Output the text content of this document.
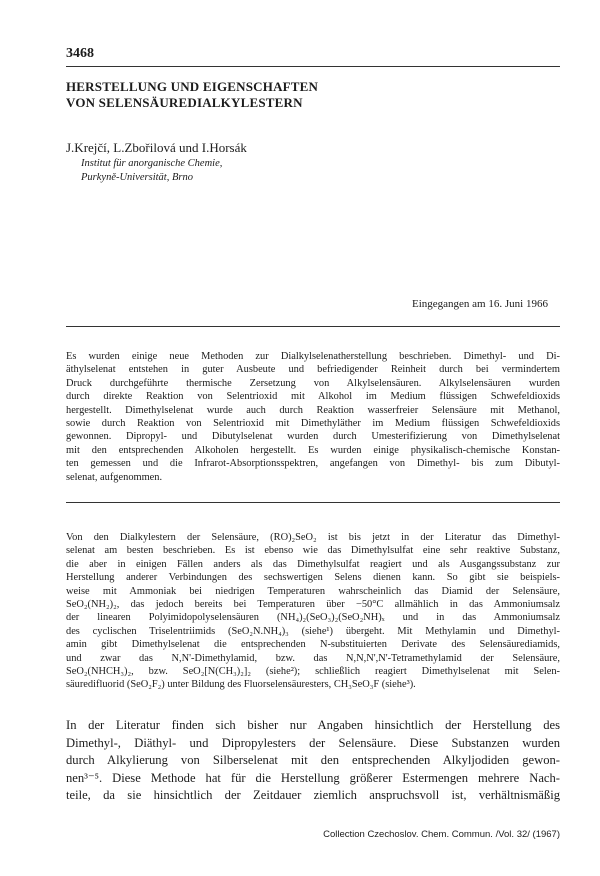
3468
HERSTELLUNG UND EIGENSCHAFTEN
VON SELENSÄUREDIALKYLESTERN
J.Krejčí, L.Zbořilová und I.Horsák
Institut für anorganische Chemie,
Purkyně-Universität, Brno
Eingegangen am 16. Juni 1966
Es wurden einige neue Methoden zur Dialkylselenatherstellung beschrieben. Dimethyl- und Di-
äthylselenat entstehen in guter Ausbeute und befriedigender Reinheit durch bei vermindertem
Druck durchgeführte thermische Zersetzung von Alkylselensäuren. Alkylselensäuren wurden
durch direkte Reaktion von Selentrioxid mit Alkohol im Medium flüssigen Schwefeldioxids
hergestellt. Dimethylselenat wurde auch durch Reaktion wasserfreier Selensäure mit Methanol,
sowie durch Reaktion von Selentrioxid mit Dimethyläther im Medium flüssigen Schwefeldioxids
gewonnen. Dipropyl- und Dibutylselenat wurden durch Umesterifizierung von Dimethylselenat
mit den entsprechenden Alkoholen hergestellt. Es wurden einige physikalisch-chemische Konstan-
ten gemessen und die Infrarot-Absorptionsspektren, angefangen von Dimethyl- bis zum Dibutyl-
selenat, aufgenommen.
Von den Dialkylestern der Selensäure, (RO)₂SeO₂ ist bis jetzt in der Literatur das Dimethyl-
selenat am besten beschrieben. Es ist ebenso wie das Dimethylsulfat eine sehr reaktive Substanz,
die aber in einigen Fällen anders als das Dimethylsulfat reagiert und als Ausgangssubstanz zur
Herstellung anderer Verbindungen des sechswertigen Selens dienen kann. So gibt sie beispiels-
weise mit Ammoniak bei niedrigen Temperaturen wahrscheinlich das Diamid der Selensäure,
SeO₂(NH₂)₂, das jedoch bereits bei Temperaturen über −50°C allmählich in das Ammoniumsalz
der linearen Polyimidopolyselensäuren (NH₄)₂(SeO₃)₂(SeO₂NH)ₓ und in das Ammoniumsalz
des cyclischen Triselentriimids (SeO₂N.NH₄)₃ (siehe¹) übergeht. Mit Methylamin und Dimethyl-
amin gibt Dimethylselenat die entsprechenden N-substituierten Derivate des Selensäurediamids,
und zwar das N,N'-Dimethylamid, bzw. das N,N,N',N'-Tetramethylamid der Selensäure,
SeO₂(NHCH₃)₂, bzw. SeO₂[N(CH₃)₂]₂ (siehe²); schließlich reagiert Dimethylselenat mit Selen-
säuredifluorid (SeO₂F₂) unter Bildung des Fluorselensäuresters, CH₃SeO₃F (siehe³).
In der Literatur finden sich bisher nur Angaben hinsichtlich der Herstellung des
Dimethyl-, Diäthyl- und Dipropylesters der Selensäure. Diese Substanzen wurden
durch Alkylierung von Silberselenat mit den entsprechenden Alkyljodiden gewon-
nen³⁻⁵. Diese Methode hat für die Herstellung größerer Estermengen mehrere Nach-
teile, da sie hinsichtlich der Zeitdauer ziemlich anspruchsvoll ist, verhältnismäßig
Collection Czechoslov. Chem. Commun. /Vol. 32/ (1967)
